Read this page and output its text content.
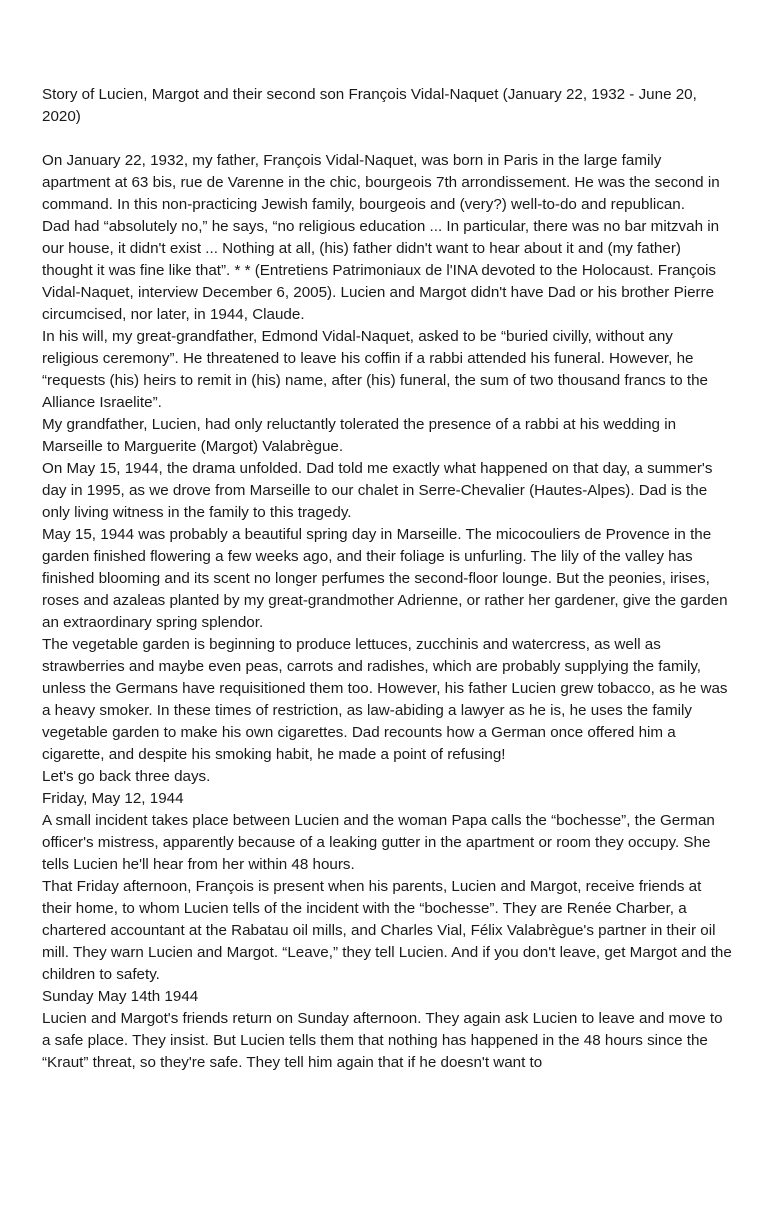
Story of Lucien, Margot and their second son François Vidal-Naquet (January 22, 1932 - June 20, 2020)

On January 22, 1932, my father, François Vidal-Naquet, was born in Paris in the large family apartment at 63 bis, rue de Varenne in the chic, bourgeois 7th arrondissement. He was the second in command. In this non-practicing Jewish family, bourgeois and (very?) well-to-do and republican.

Dad had “absolutely no,” he says, “no religious education ... In particular, there was no bar mitzvah in our house, it didn't exist ... Nothing at all, (his) father didn't want to hear about it and (my father) thought it was fine like that”. * * (Entretiens Patrimoniaux de l'INA devoted to the Holocaust. François Vidal-Naquet, interview December 6, 2005). Lucien and Margot didn't have Dad or his brother Pierre circumcised, nor later, in 1944, Claude.

In his will, my great-grandfather, Edmond Vidal-Naquet, asked to be “buried civilly, without any religious ceremony”. He threatened to leave his coffin if a rabbi attended his funeral. However, he “requests (his) heirs to remit in (his) name, after (his) funeral, the sum of two thousand francs to the Alliance Israelite”.

My grandfather, Lucien, had only reluctantly tolerated the presence of a rabbi at his wedding in Marseille to Marguerite (Margot) Valabrègue.

On May 15, 1944, the drama unfolded. Dad told me exactly what happened on that day, a summer's day in 1995, as we drove from Marseille to our chalet in Serre-Chevalier (Hautes-Alpes). Dad is the only living witness in the family to this tragedy.

May 15, 1944 was probably a beautiful spring day in Marseille. The micocouliers de Provence in the garden finished flowering a few weeks ago, and their foliage is unfurling. The lily of the valley has finished blooming and its scent no longer perfumes the second-floor lounge. But the peonies, irises, roses and azaleas planted by my great-grandmother Adrienne, or rather her gardener, give the garden an extraordinary spring splendor.

The vegetable garden is beginning to produce lettuces, zucchinis and watercress, as well as strawberries and maybe even peas, carrots and radishes, which are probably supplying the family, unless the Germans have requisitioned them too. However, his father Lucien grew tobacco, as he was a heavy smoker. In these times of restriction, as law-abiding a lawyer as he is, he uses the family vegetable garden to make his own cigarettes. Dad recounts how a German once offered him a cigarette, and despite his smoking habit, he made a point of refusing!

Let's go back three days.

Friday, May 12, 1944

A small incident takes place between Lucien and the woman Papa calls the “bochesse”, the German officer's mistress, apparently because of a leaking gutter in the apartment or room they occupy. She tells Lucien he'll hear from her within 48 hours.

That Friday afternoon, François is present when his parents, Lucien and Margot, receive friends at their home, to whom Lucien tells of the incident with the “bochesse”. They are Renée Charber, a chartered accountant at the Rabatau oil mills, and Charles Vial, Félix Valabrègue's partner in their oil mill. They warn Lucien and Margot. “Leave,” they tell Lucien. And if you don't leave, get Margot and the children to safety.

Sunday May 14th 1944

Lucien and Margot's friends return on Sunday afternoon. They again ask Lucien to leave and move to a safe place. They insist. But Lucien tells them that nothing has happened in the 48 hours since the “Kraut” threat, so they're safe. They tell him again that if he doesn't want to
